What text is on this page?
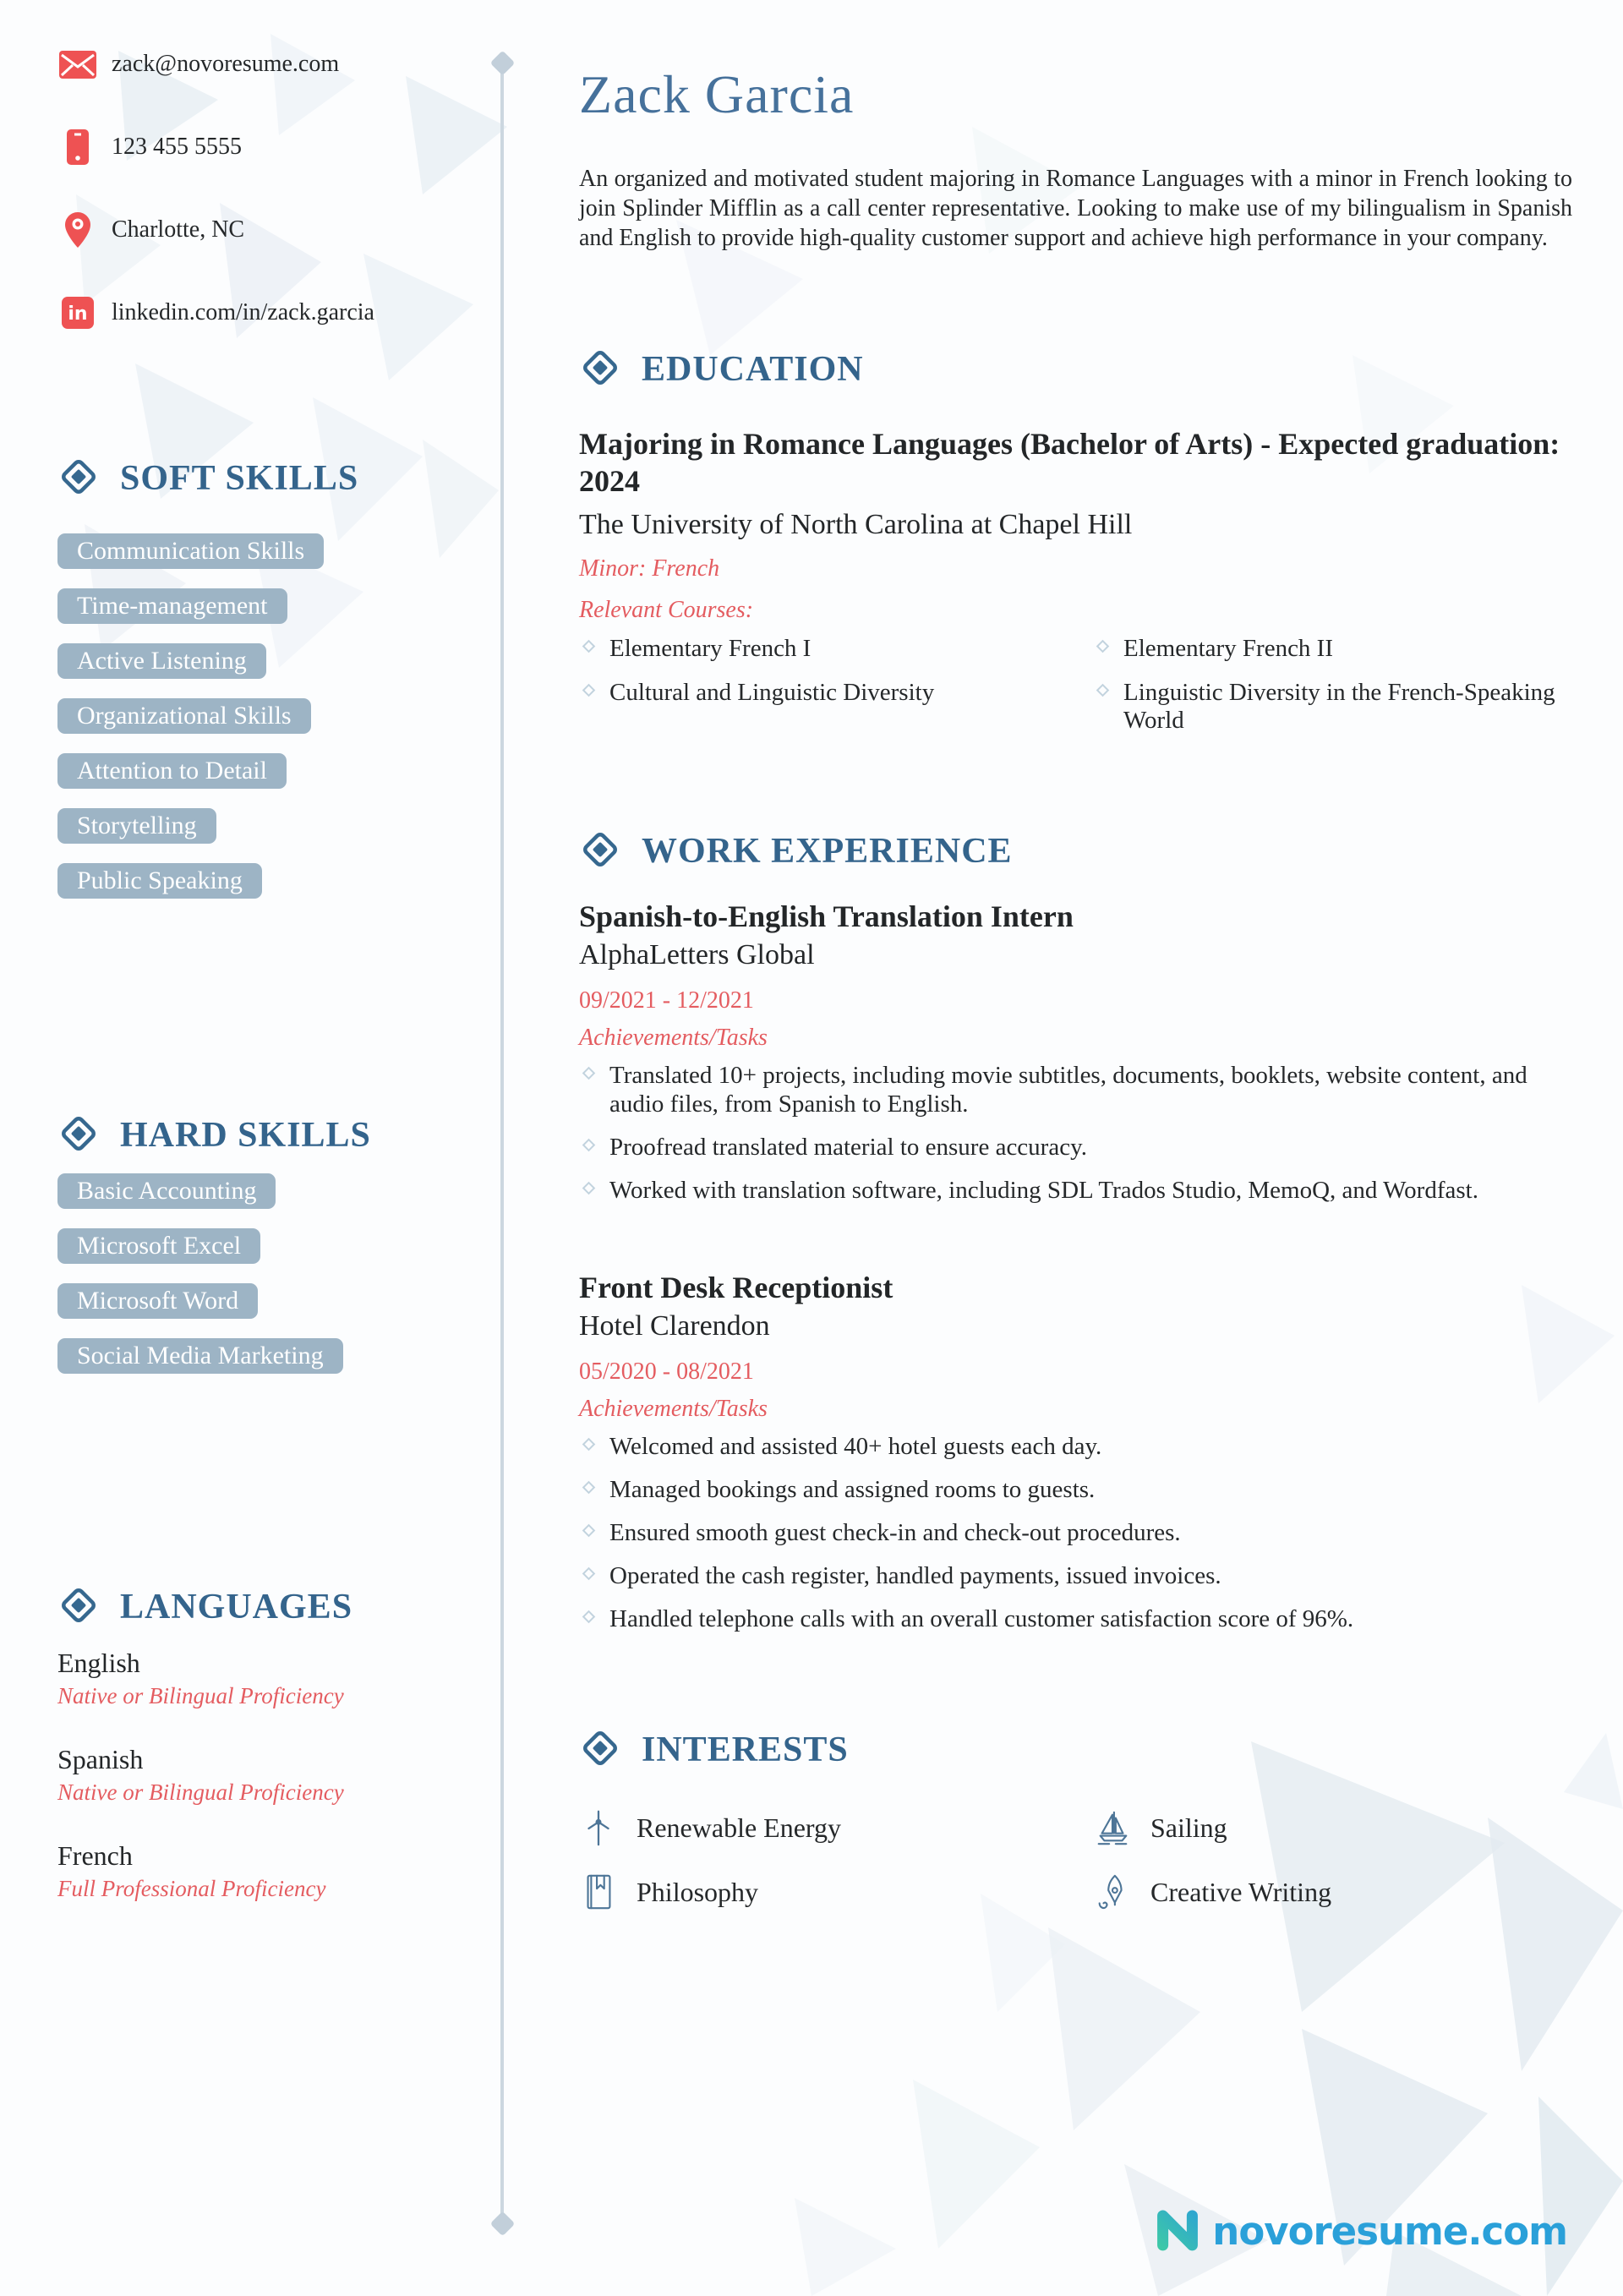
zack@novoresume.com
123 455 5555
Charlotte, NC
in linkedin.com/in/zack.garcia
SOFT SKILLS
Communication Skills
Time-management
Active Listening
Organizational Skills
Attention to Detail
Storytelling
Public Speaking
HARD SKILLS
Basic Accounting
Microsoft Excel
Microsoft Word
Social Media Marketing
LANGUAGES
English
Native or Bilingual Proficiency
Spanish
Native or Bilingual Proficiency
French
Full Professional Proficiency
Zack Garcia
An organized and motivated student majoring in Romance Languages with a minor in French looking to join Splinder Mifflin as a call center representative. Looking to make use of my bilingualism in Spanish and English to provide high-quality customer support and achieve high performance in your company.
EDUCATION
Majoring in Romance Languages (Bachelor of Arts) - Expected graduation: 2024
The University of North Carolina at Chapel Hill
Minor: French
Relevant Courses:
Elementary French I	Elementary French II
Cultural and Linguistic Diversity	Linguistic Diversity in the French-Speaking World
WORK EXPERIENCE
Spanish-to-English Translation Intern
AlphaLetters Global
09/2021 - 12/2021
Achievements/Tasks
Translated 10+ projects, including movie subtitles, documents, booklets, website content, and audio files, from Spanish to English.
Proofread translated material to ensure accuracy.
Worked with translation software, including SDL Trados Studio, MemoQ, and Wordfast.
Front Desk Receptionist
Hotel Clarendon
05/2020 - 08/2021
Achievements/Tasks
Welcomed and assisted 40+ hotel guests each day.
Managed bookings and assigned rooms to guests.
Ensured smooth guest check-in and check-out procedures.
Operated the cash register, handled payments, issued invoices.
Handled telephone calls with an overall customer satisfaction score of 96%.
INTERESTS
Renewable Energy	Sailing
Philosophy	Creative Writing
novoresume.com
